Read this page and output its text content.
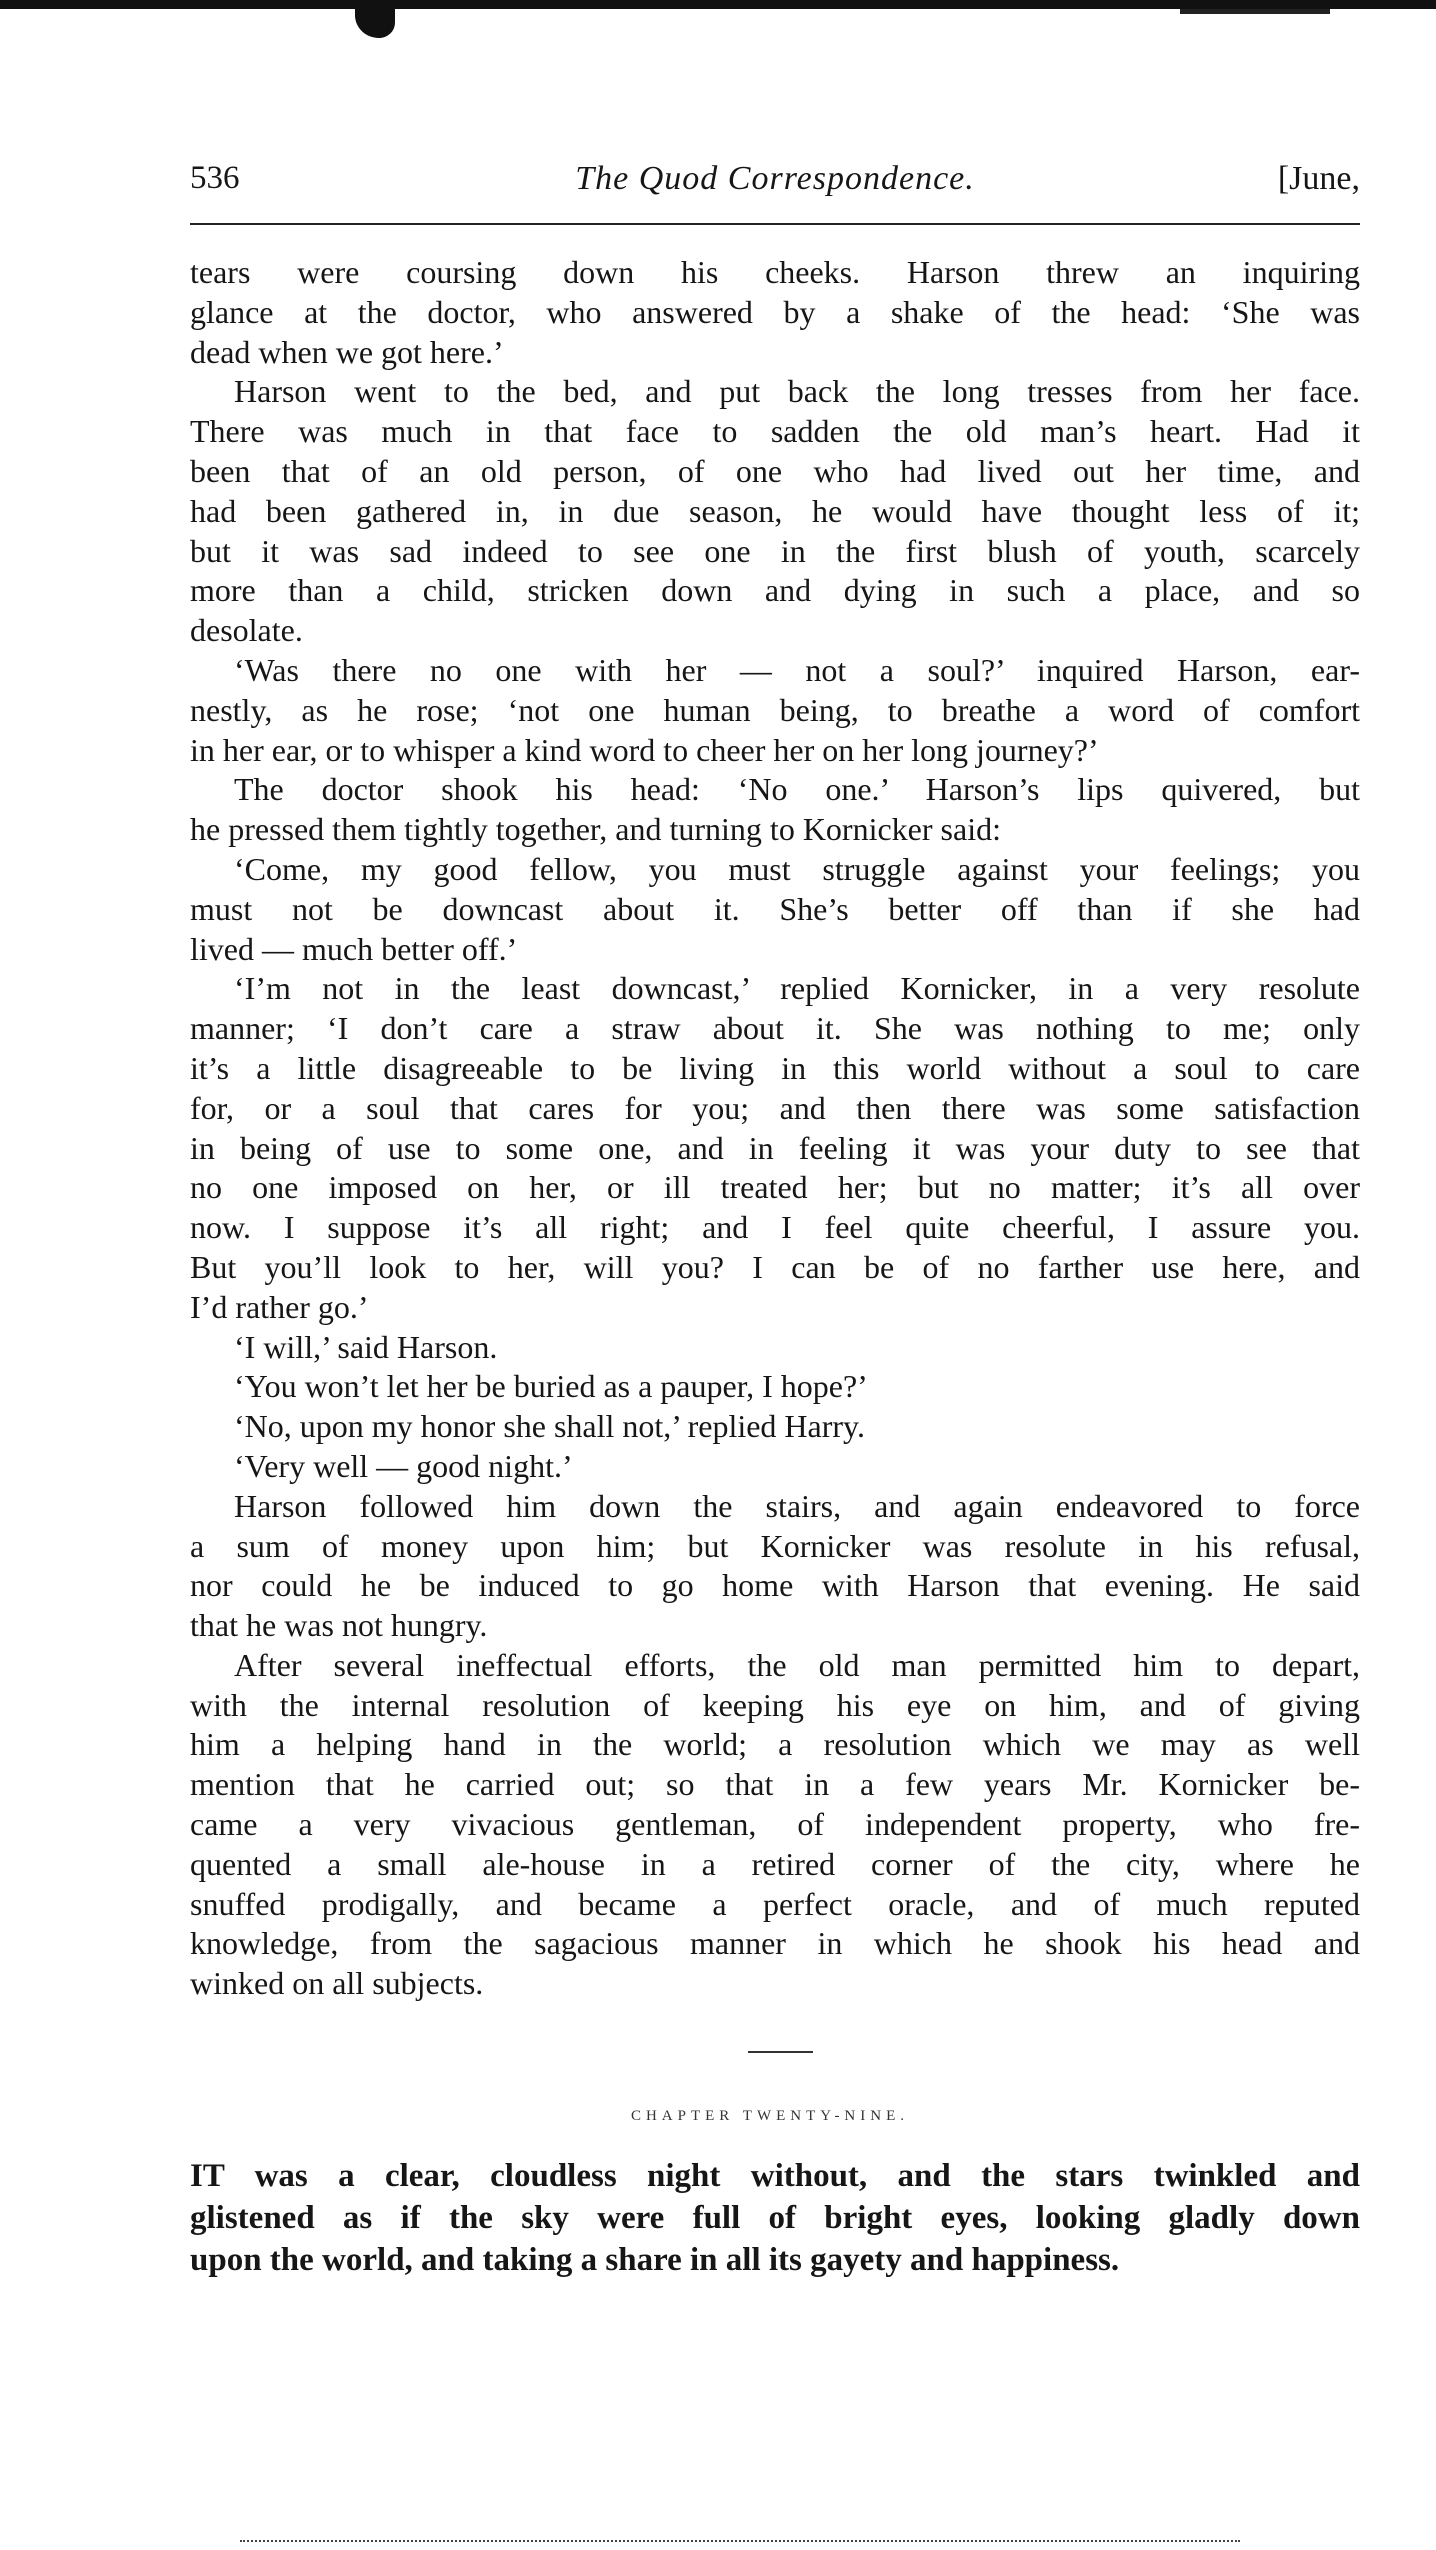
536	The Quod Correspondence.	[June,
tears were coursing down his cheeks. Harson threw an inquiring
glance at the doctor, who answered by a shake of the head: ‘She was
dead when we got here.’
Harson went to the bed, and put back the long tresses from her face.
There was much in that face to sadden the old man’s heart. Had it
been that of an old person, of one who had lived out her time, and
had been gathered in, in due season, he would have thought less of it;
but it was sad indeed to see one in the first blush of youth, scarcely
more than a child, stricken down and dying in such a place, and so
desolate.
‘Was there no one with her — not a soul?’ inquired Harson, ear-
nestly, as he rose; ‘not one human being, to breathe a word of comfort
in her ear, or to whisper a kind word to cheer her on her long journey?’
The doctor shook his head: ‘No one.’ Harson’s lips quivered, but
he pressed them tightly together, and turning to Kornicker said:
‘Come, my good fellow, you must struggle against your feelings; you
must not be downcast about it. She’s better off than if she had
lived — much better off.’
‘I’m not in the least downcast,’ replied Kornicker, in a very resolute
manner; ‘I don’t care a straw about it. She was nothing to me; only
it’s a little disagreeable to be living in this world without a soul to care
for, or a soul that cares for you; and then there was some satisfaction
in being of use to some one, and in feeling it was your duty to see that
no one imposed on her, or ill treated her; but no matter; it’s all over
now. I suppose it’s all right; and I feel quite cheerful, I assure you.
But you’ll look to her, will you? I can be of no farther use here, and
I’d rather go.’
‘I will,’ said Harson.
‘You won’t let her be buried as a pauper, I hope?’
‘No, upon my honor she shall not,’ replied Harry.
‘Very well — good night.’
Harson followed him down the stairs, and again endeavored to force
a sum of money upon him; but Kornicker was resolute in his refusal,
nor could he be induced to go home with Harson that evening. He said
that he was not hungry.
After several ineffectual efforts, the old man permitted him to depart,
with the internal resolution of keeping his eye on him, and of giving
him a helping hand in the world; a resolution which we may as well
mention that he carried out; so that in a few years Mr. Kornicker be-
came a very vivacious gentleman, of independent property, who fre-
quented a small ale-house in a retired corner of the city, where he
snuffed prodigally, and became a perfect oracle, and of much reputed
knowledge, from the sagacious manner in which he shook his head and
winked on all subjects.
CHAPTER TWENTY-NINE.
IT was a clear, cloudless night without, and the stars twinkled and
glistened as if the sky were full of bright eyes, looking gladly down
upon the world, and taking a share in all its gayety and happiness.
